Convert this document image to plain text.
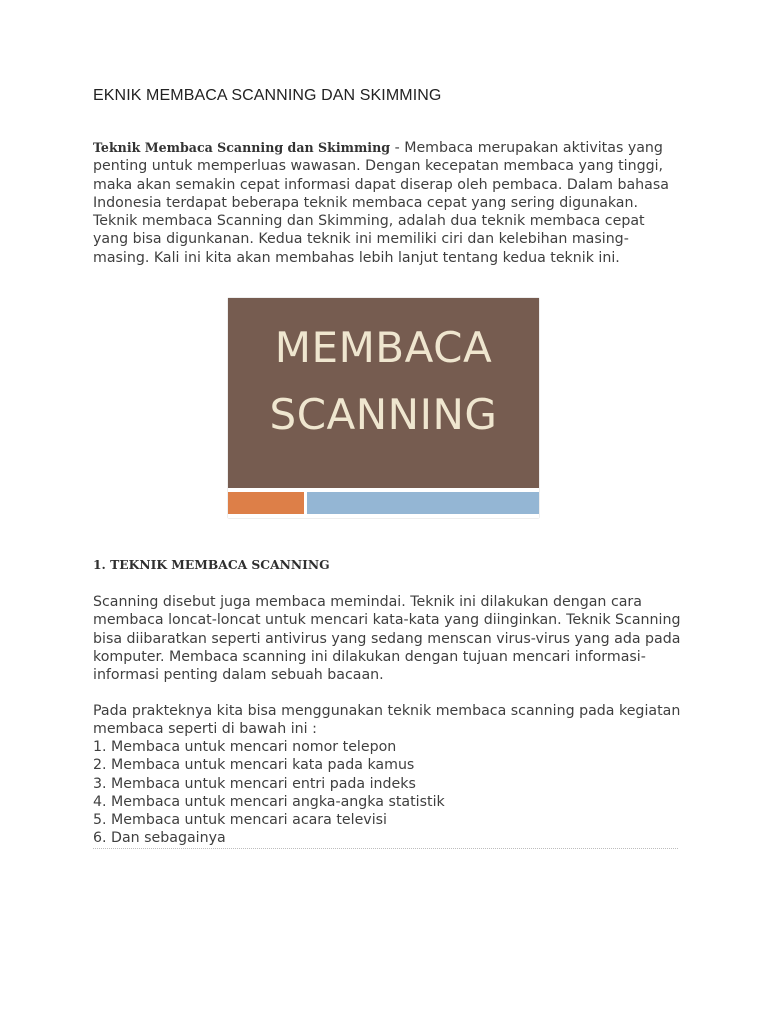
EKNIK MEMBACA SCANNING DAN SKIMMING

Teknik Membaca Scanning dan Skimming - Membaca merupakan aktivitas yang penting untuk memperluas wawasan. Dengan kecepatan membaca yang tinggi, maka akan semakin cepat informasi dapat diserap oleh pembaca. Dalam bahasa Indonesia terdapat beberapa teknik membaca cepat yang sering digunakan. Teknik membaca Scanning dan Skimming, adalah dua teknik membaca cepat yang bisa digunkanan. Kedua teknik ini memiliki ciri dan kelebihan masing-masing. Kali ini kita akan membahas lebih lanjut tentang kedua teknik ini.

MEMBACA
SCANNING
1. TEKNIK MEMBACA SCANNING

Scanning disebut juga membaca memindai. Teknik ini dilakukan dengan cara membaca loncat-loncat untuk mencari kata-kata yang diinginkan. Teknik Scanning bisa diibaratkan seperti antivirus yang sedang menscan virus-virus yang ada pada komputer. Membaca scanning ini dilakukan dengan tujuan mencari informasi-informasi penting dalam sebuah bacaan.

Pada prakteknya kita bisa menggunakan teknik membaca scanning pada kegiatan membaca seperti di bawah ini :

1. Membaca untuk mencari nomor telepon
2. Membaca untuk mencari kata pada kamus
3. Membaca untuk mencari entri pada indeks
4. Membaca untuk mencari angka-angka statistik
5. Membaca untuk mencari acara televisi
6. Dan sebagainya
